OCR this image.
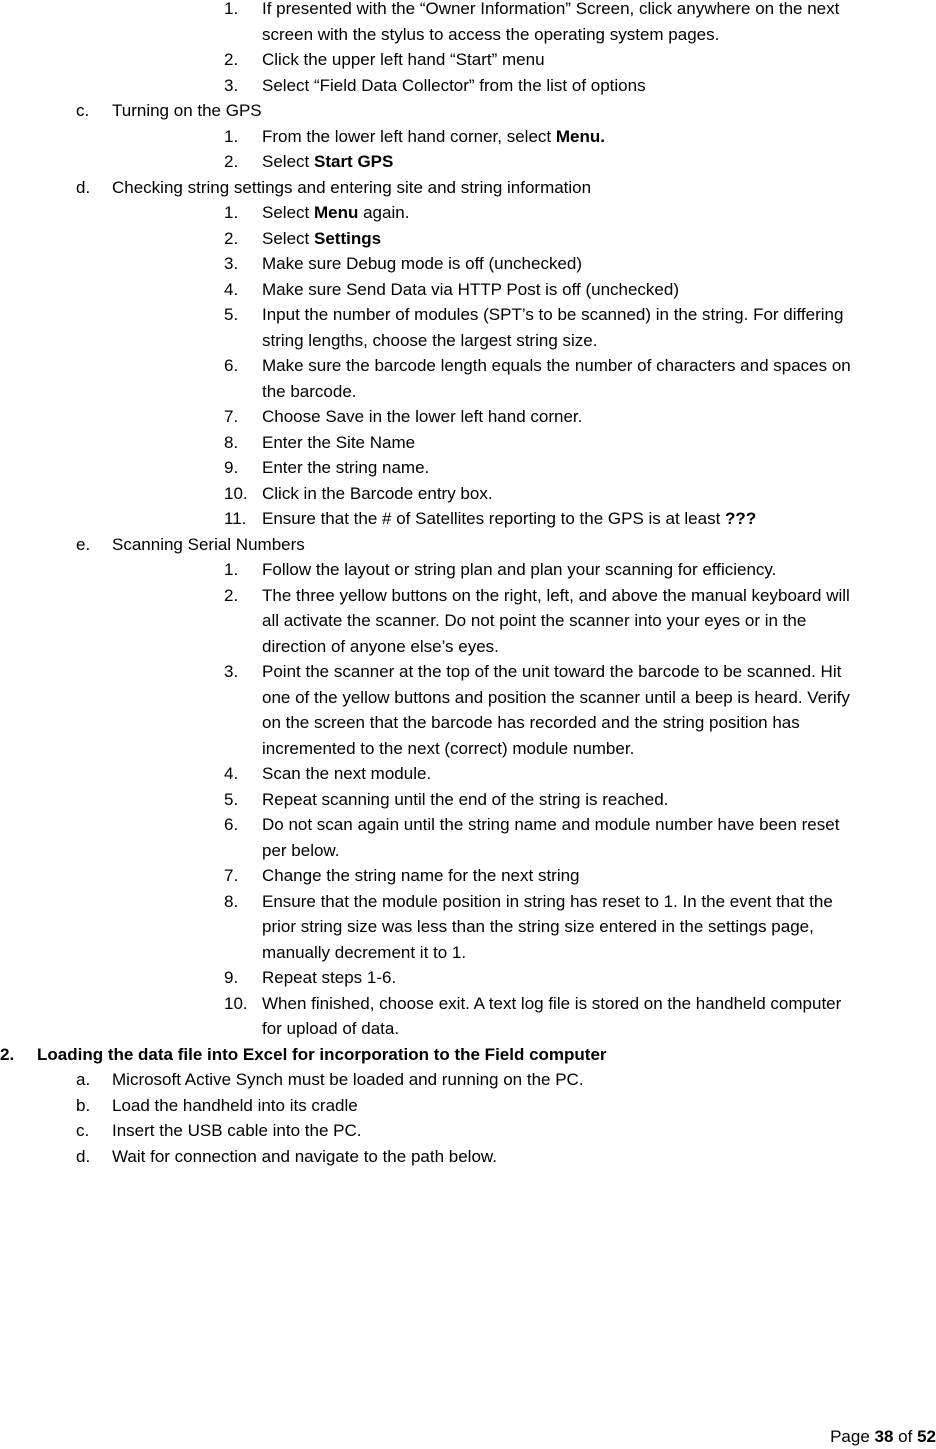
1. If presented with the “Owner Information” Screen, click anywhere on the next
screen with the stylus to access the operating system pages.
2. Click the upper left hand “Start” menu
3. Select “Field Data Collector” from the list of options
c. Turning on the GPS
1. From the lower left hand corner, select Menu.
2. Select Start GPS
d. Checking string settings and entering site and string information
1. Select Menu again.
2. Select Settings
3. Make sure Debug mode is off (unchecked)
4. Make sure Send Data via HTTP Post is off (unchecked)
5. Input the number of modules (SPT’s to be scanned) in the string. For differing
string lengths, choose the largest string size.
6. Make sure the barcode length equals the number of characters and spaces on
the barcode.
7. Choose Save in the lower left hand corner.
8. Enter the Site Name
9. Enter the string name.
10. Click in the Barcode entry box.
11. Ensure that the # of Satellites reporting to the GPS is at least ???
e. Scanning Serial Numbers
1. Follow the layout or string plan and plan your scanning for efficiency.
2. The three yellow buttons on the right, left, and above the manual keyboard will
all activate the scanner. Do not point the scanner into your eyes or in the
direction of anyone else’s eyes.
3. Point the scanner at the top of the unit toward the barcode to be scanned. Hit
one of the yellow buttons and position the scanner until a beep is heard. Verify
on the screen that the barcode has recorded and the string position has
incremented to the next (correct) module number.
4. Scan the next module.
5. Repeat scanning until the end of the string is reached.
6. Do not scan again until the string name and module number have been reset
per below.
7. Change the string name for the next string
8. Ensure that the module position in string has reset to 1. In the event that the
prior string size was less than the string size entered in the settings page,
manually decrement it to 1.
9. Repeat steps 1-6.
10. When finished, choose exit. A text log file is stored on the handheld computer
for upload of data.
2. Loading the data file into Excel for incorporation to the Field computer
a. Microsoft Active Synch must be loaded and running on the PC.
b. Load the handheld into its cradle
c. Insert the USB cable into the PC.
d. Wait for connection and navigate to the path below.
Page 38 of 52
